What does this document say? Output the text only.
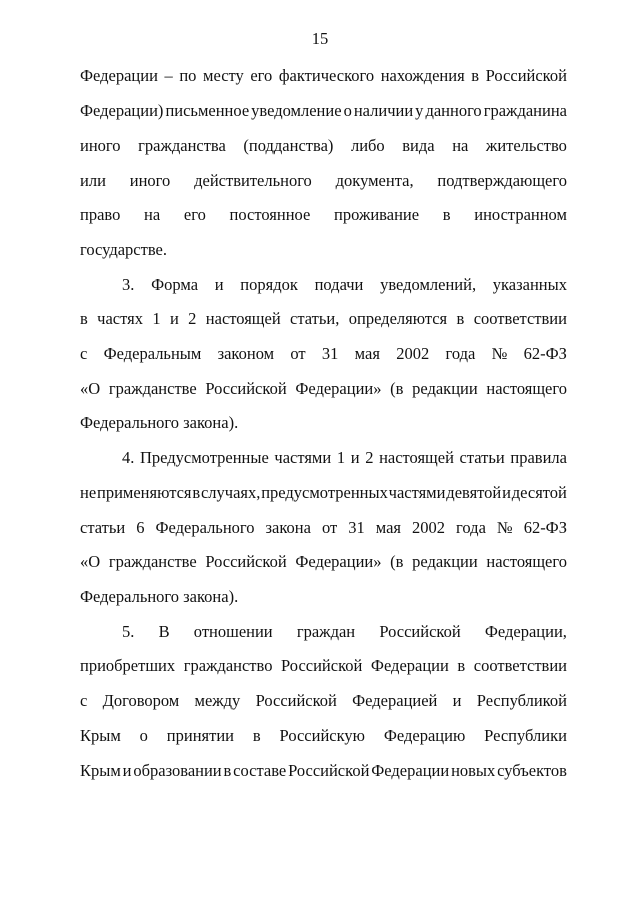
15
Федерации – по месту его фактического нахождения в Российской
Федерации) письменное уведомление о наличии у данного гражданина
иного гражданства (подданства) либо вида на жительство
или иного действительного документа, подтверждающего
право на его постоянное проживание в иностранном
государстве.
3. Форма и порядок подачи уведомлений, указанных
в частях 1 и 2 настоящей статьи, определяются в соответствии
с Федеральным законом от 31 мая 2002 года № 62-ФЗ
«О гражданстве Российской Федерации» (в редакции настоящего
Федерального закона).
4. Предусмотренные частями 1 и 2 настоящей статьи правила
не применяются в случаях, предусмотренных частями девятой и десятой
статьи 6 Федерального закона от 31 мая 2002 года № 62-ФЗ
«О гражданстве Российской Федерации» (в редакции настоящего
Федерального закона).
5. В отношении граждан Российской Федерации,
приобретших гражданство Российской Федерации в соответствии
с Договором между Российской Федерацией и Республикой
Крым о принятии в Российскую Федерацию Республики
Крым и образовании в составе Российской Федерации новых субъектов
